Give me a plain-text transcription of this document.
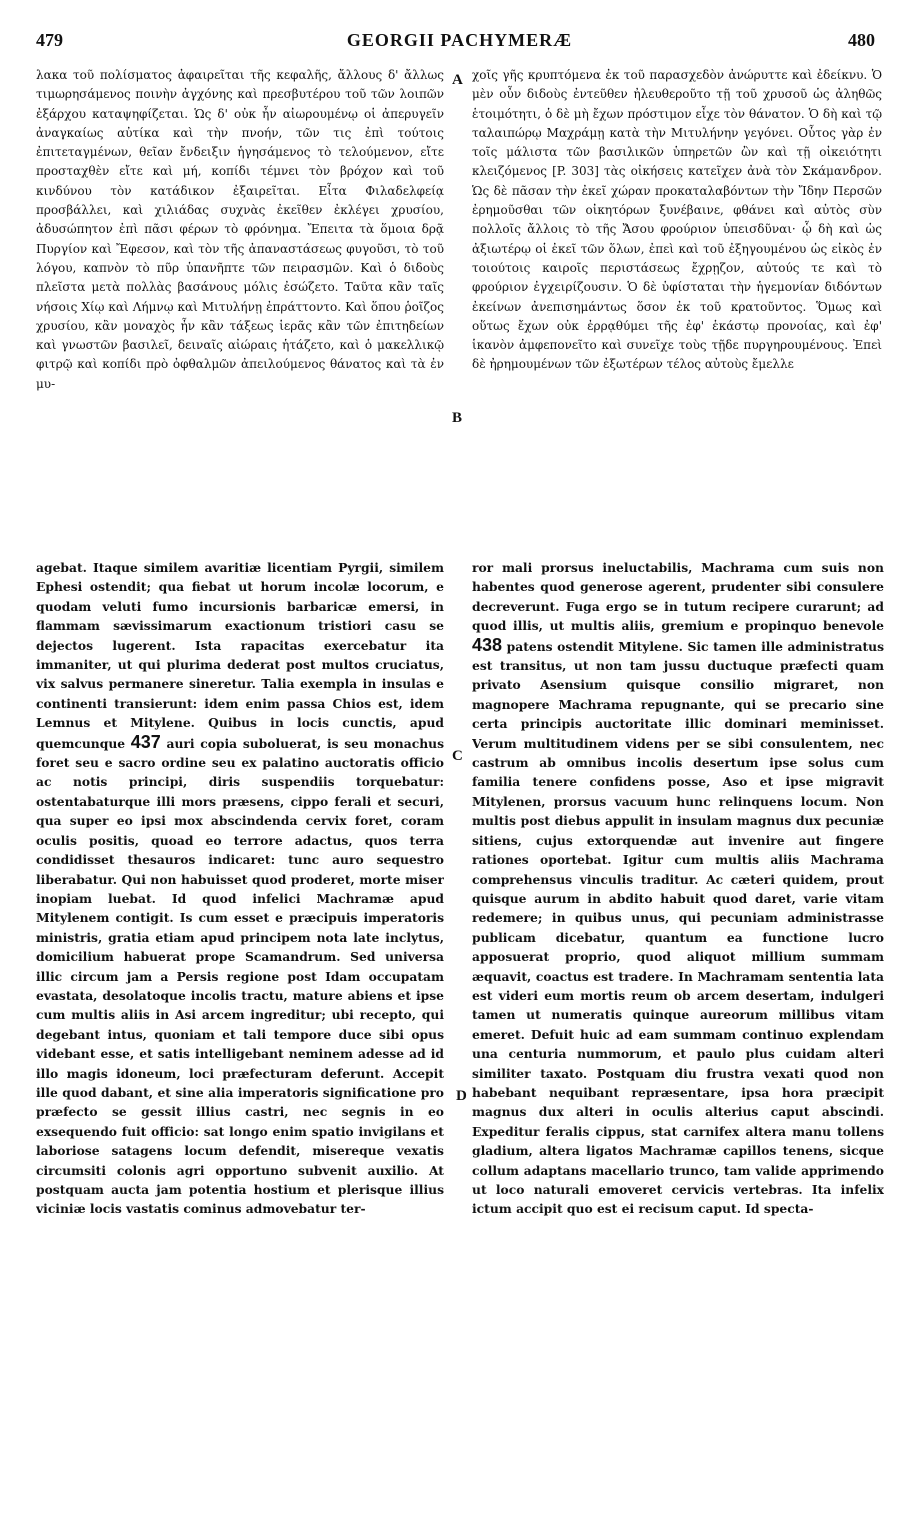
479	GEORGII PACHYMERÆ	480
λακα τοῦ πολίσματος ἀφαιρεῖται τῆς κεφαλῆς, ἄλλους δ' ἄλλως τιμωρησάμενος ποινὴν ἀγχόνης καὶ πρεσβυτέρου τοῦ τῶν λοιπῶν ἐξάρχου καταψηφίζεται. Ὡς δ' οὐκ ἦν αἰωρουμένῳ οἱ ἀπερυγεῖν ἀναγκαίως αὐτίκα καὶ τὴν πνοήν, τῶν τις ἐπὶ τούτοις ἐπιτεταγμένων, θεῖαν ἔνδειξιν ἡγησάμενος τὸ τελούμενον, εἴτε προσταχθὲν εἴτε καὶ μή, κοπίδι τέμνει τὸν βρόχον καὶ τοῦ κινδύνου τὸν κατάδικον ἐξαιρεῖται. Εἶτα Φιλαδελφείᾳ προσβάλλει, καὶ χιλιάδας συχνὰς ἐκεῖθεν ἐκλέγει χρυσίου, ἀδυσώπητον ἐπὶ πᾶσι φέρων τὸ φρόνημα. Ἔπειτα τὰ ὅμοια δρᾷ Πυργίον καὶ Ἔφεσον, καὶ τὸν τῆς ἀπαναστάσεως φυγοῦσι, τὸ τοῦ λόγου, καπνὸν τὸ πῦρ ὑπανῆπτε τῶν πειρασμῶν. Καὶ ὁ διδοὺς πλεῖστα μετὰ πολλὰς βασάνους μόλις ἐσώζετο. Ταῦτα κἂν ταῖς νήσοις Χίῳ καὶ Λήμνῳ καὶ Μιτυλήνῃ ἐπράττοντο. Καὶ ὅπου ῥοῖζος χρυσίου, κἂν μοναχὸς ἦν κἂν τάξεως ἱερᾶς κἂν τῶν ἐπιτηδείων καὶ γνωστῶν βασιλεῖ, δειναῖς αἰώραις ἡτάζετο, καὶ ὁ μακελλικῷ φιτρῷ καὶ κοπίδι πρὸ ὀφθαλμῶν ἀπειλούμενος θάνατος καὶ τὰ ἐν μυ-
χοῖς γῆς κρυπτόμενα ἐκ τοῦ παρασχεδὸν ἀνώρυττε καὶ ἐδείκνυ. Ὁ μὲν οὖν διδοὺς ἐντεῦθεν ἠλευθεροῦτο τῇ τοῦ χρυσοῦ ὡς ἀληθῶς ἑτοιμότητι, ὁ δὲ μὴ ἔχων πρόστιμον εἶχε τὸν θάνατον. Ὁ δὴ καὶ τῷ ταλαιπώρῳ Μαχράμῃ κατὰ τὴν Μιτυλήνην γεγόνει. Οὗτος γὰρ ἐν τοῖς μάλιστα τῶν βασιλικῶν ὑπηρετῶν ὢν καὶ τῇ οἰκειότητι κλειζόμενος [P. 303] τὰς οἰκήσεις κατεῖχεν ἀνὰ τὸν Σκάμανδρον. Ὡς δὲ πᾶσαν τὴν ἐκεῖ χώραν προκαταλαβόντων τὴν Ἴδην Περσῶν ἐρημοῦσθαι τῶν οἰκητόρων ξυνέβαινε, φθάνει καὶ αὐτὸς σὺν πολλοῖς ἄλλοις τὸ τῆς Ἄσου φρούριον ὑπεισδῦναι· ᾧ δὴ καὶ ὡς ἀξιωτέρῳ οἱ ἐκεῖ τῶν ὅλων, ἐπεὶ καὶ τοῦ ἐξηγουμένου ὡς εἰκὸς ἐν τοιούτοις καιροῖς περιστάσεως ἔχρῃζον, αὐτούς τε καὶ τὸ φρούριον ἐγχειρίζουσιν. Ὁ δὲ ὑφίσταται τὴν ἡγεμονίαν διδόντων ἐκείνων ἀνεπισημάντως ὅσον ἐκ τοῦ κρατοῦντος. Ὅμως καὶ οὕτως ἔχων οὐκ ἐρρᾳθύμει τῆς ἐφ' ἑκάστῳ προνοίας, καὶ ἐφ' ἱκανὸν ἀμφεπονεῖτο καὶ συνεῖχε τοὺς τῇδε πυργηρουμένους. Ἐπεὶ δὲ ἠρημουμένων τῶν ἐξωτέρων τέλος αὐτοὺς ἔμελλε
agebat. Itaque similem avaritiæ licentiam Pyrgii, similem Ephesi ostendit; qua fiebat ut horum incolæ locorum, e quodam veluti fumo incursionis barbaricæ emersi, in flammam sævissimarum exactionum tristiori casu se dejectos lugerent. Ista rapacitas exercebatur ita immaniter, ut qui plurima dederat post multos cruciatus, vix salvus permanere sineretur. Talia exempla in insulas e continenti transierunt: idem enim passa Chios est, idem Lemnus et Mitylene. Quibus in locis cunctis, apud quemcunque 437 auri copia suboluerat, is seu monachus foret seu e sacro ordine seu ex palatino auctoratis officio ac notis principi, diris suspendiis torquebatur: ostentabaturque illi mors præsens, cippo ferali et securi, qua super eo ipsi mox abscindenda cervix foret, coram oculis positis, quoad eo terrore adactus, quos terra condidisset thesauros indicaret: tunc auro sequestro liberabatur. Qui non habuisset quod proderet, morte miser inopiam luebat. Id quod infelici Machramæ apud Mitylenem contigit. Is cum esset e præcipuis imperatoris ministris, gratia etiam apud principem nota late inclytus, domicilium habuerat prope Scamandrum. Sed universa illic circum jam a Persis regione post Idam occupatam evastata, desolatoque incolis tractu, mature abiens et ipse cum multis aliis in Asi arcem ingreditur; ubi recepto, qui degebant intus, quoniam et tali tempore duce sibi opus videbant esse, et satis intelligebant neminem adesse ad id illo magis idoneum, loci præfecturam deferunt. Accepit ille quod dabant, et sine alia imperatoris significatione pro præfecto se gessit illius castri, nec segnis in eo exsequendo fuit officio: sat longo enim spatio invigilans et laboriose satagens locum defendit, misereque vexatis circumsiti colonis agri opportuno subvenit auxilio. At postquam aucta jam potentia hostium et plerisque illius viciniæ locis vastatis cominus admovebatur ter-
ror mali prorsus ineluctabilis, Machrama cum suis non habentes quod generose agerent, prudenter sibi consulere decreverunt. Fuga ergo se in tutum recipere curarunt; ad quod illis, ut multis aliis, gremium e propinquo benevole 438 patens ostendit Mitylene. Sic tamen ille administratus est transitus, ut non tam jussu ductuque præfecti quam privato Asensium quisque consilio migraret, non magnopere Machrama repugnante, qui se precario sine certa principis auctoritate illic dominari meminisset. Verum multitudinem videns per se sibi consulentem, nec castrum ab omnibus incolis desertum ipse solus cum familia tenere confidens posse, Aso et ipse migravit Mitylenen, prorsus vacuum hunc relinquens locum. Non multis post diebus appulit in insulam magnus dux pecuniæ sitiens, cujus extorquendæ aut invenire aut fingere rationes oportebat. Igitur cum multis aliis Machrama comprehensus vinculis traditur. Ac cæteri quidem, prout quisque aurum in abdito habuit quod daret, varie vitam redemere; in quibus unus, qui pecuniam administrasse publicam dicebatur, quantum ea functione lucro apposuerat proprio, quod aliquot millium summam æquavit, coactus est tradere. In Machramam sententia lata est videri eum mortis reum ob arcem desertam, indulgeri tamen ut numeratis quinque aureorum millibus vitam emeret. Defuit huic ad eam summam continuo explendam una centuria nummorum, et paulo plus cuidam alteri similiter taxato. Postquam diu frustra vexati quod non habebant nequibant repræsentare, ipsa hora præcipit magnus dux alteri in oculis alterius caput abscindi. Expeditur feralis cippus, stat carnifex altera manu tollens gladium, altera ligatos Machramæ capillos tenens, sicque collum adaptans macellario trunco, tam valide apprimendo ut loco naturali emoveret cervicis vertebras. Ita infelix ictum accipit quo est ei recisum caput. Id specta-
A
B
C
D
